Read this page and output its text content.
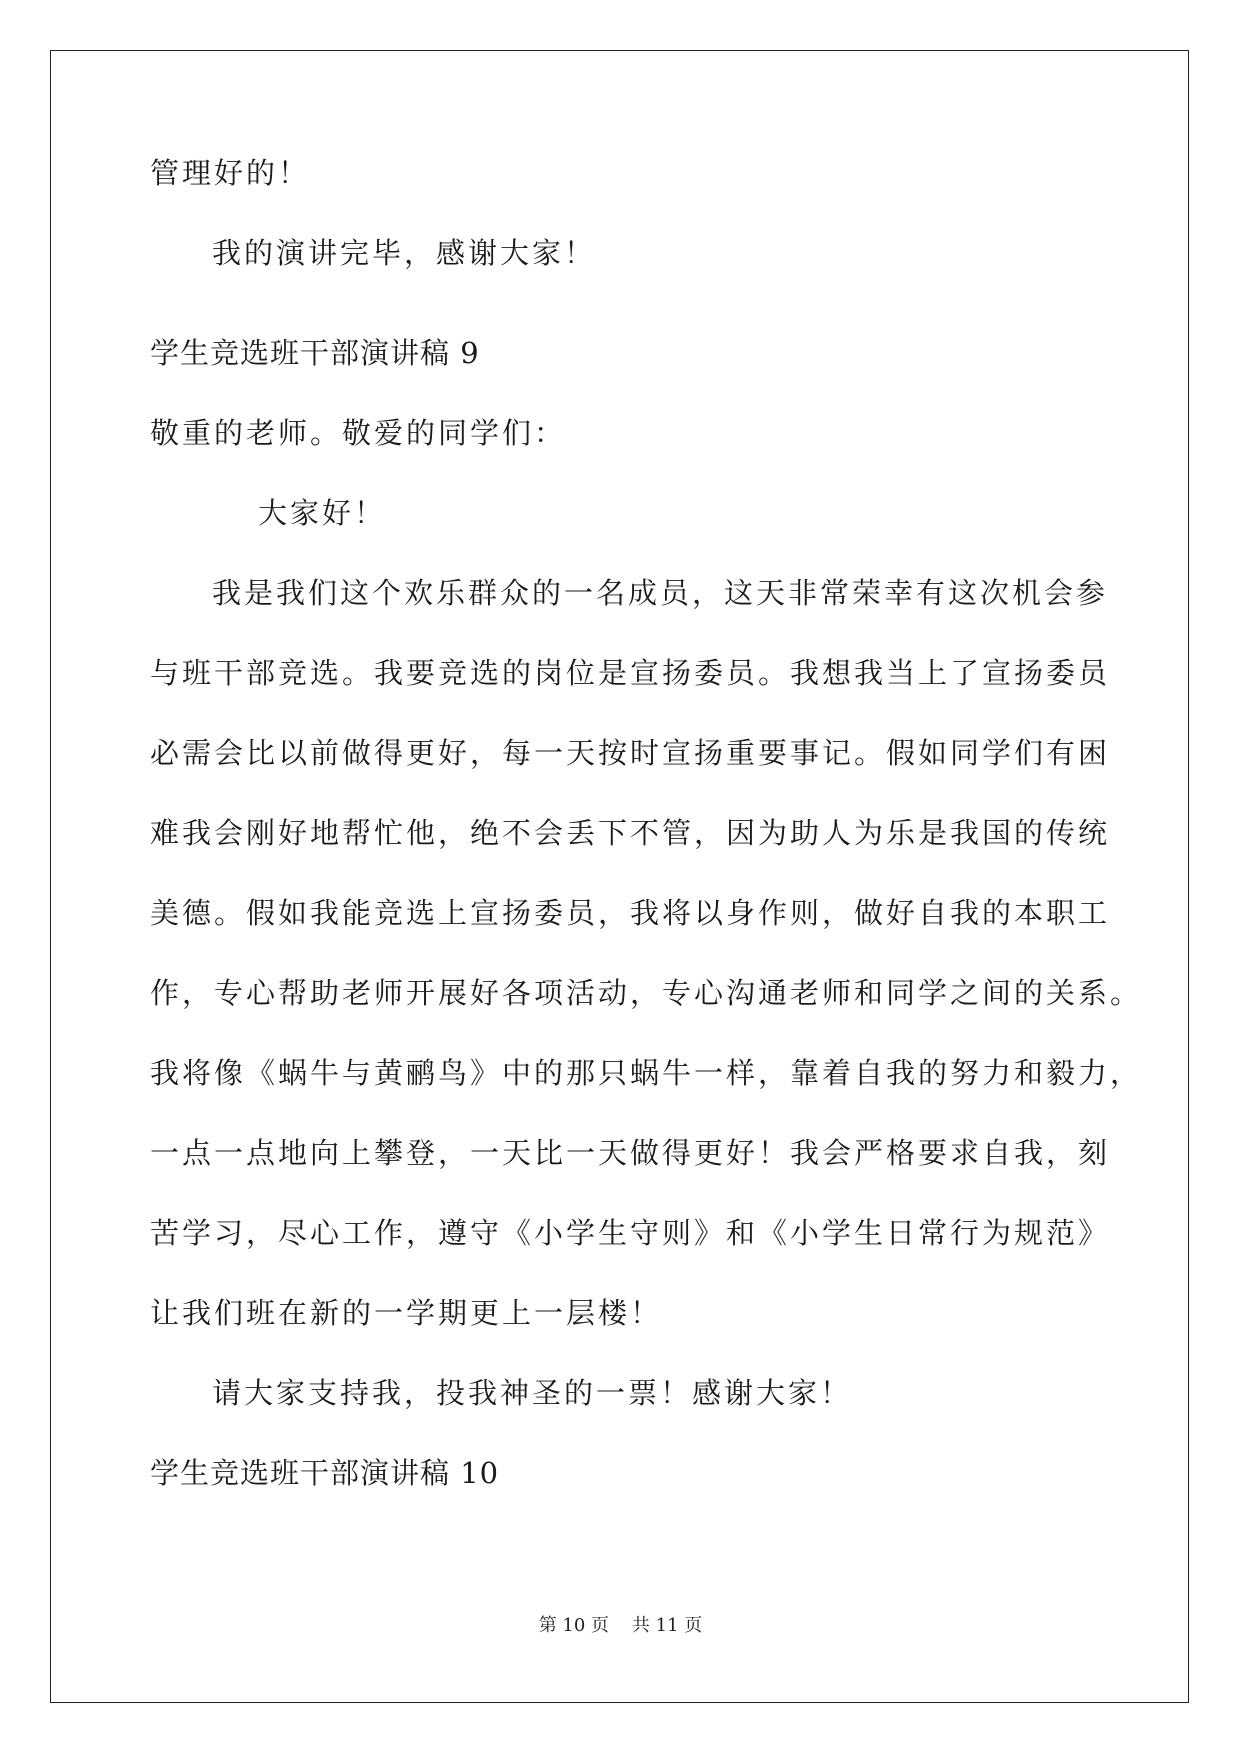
管理好的！
我的演讲完毕，感谢大家！
学生竞选班干部演讲稿 9
敬重的老师。敬爱的同学们：
大家好！
我是我们这个欢乐群众的一名成员，这天非常荣幸有这次机会参
与班干部竞选。我要竞选的岗位是宣扬委员。我想我当上了宣扬委员
必需会比以前做得更好，每一天按时宣扬重要事记。假如同学们有困
难我会刚好地帮忙他，绝不会丢下不管，因为助人为乐是我国的传统
美德。假如我能竞选上宣扬委员，我将以身作则，做好自我的本职工
作，专心帮助老师开展好各项活动，专心沟通老师和同学之间的关系。
我将像《蜗牛与黄鹂鸟》中的那只蜗牛一样，靠着自我的努力和毅力，
一点一点地向上攀登，一天比一天做得更好！我会严格要求自我，刻
苦学习，尽心工作，遵守《小学生守则》和《小学生日常行为规范》
让我们班在新的一学期更上一层楼！
请大家支持我，投我神圣的一票！感谢大家！
学生竞选班干部演讲稿 10
第 10 页    共 11 页
